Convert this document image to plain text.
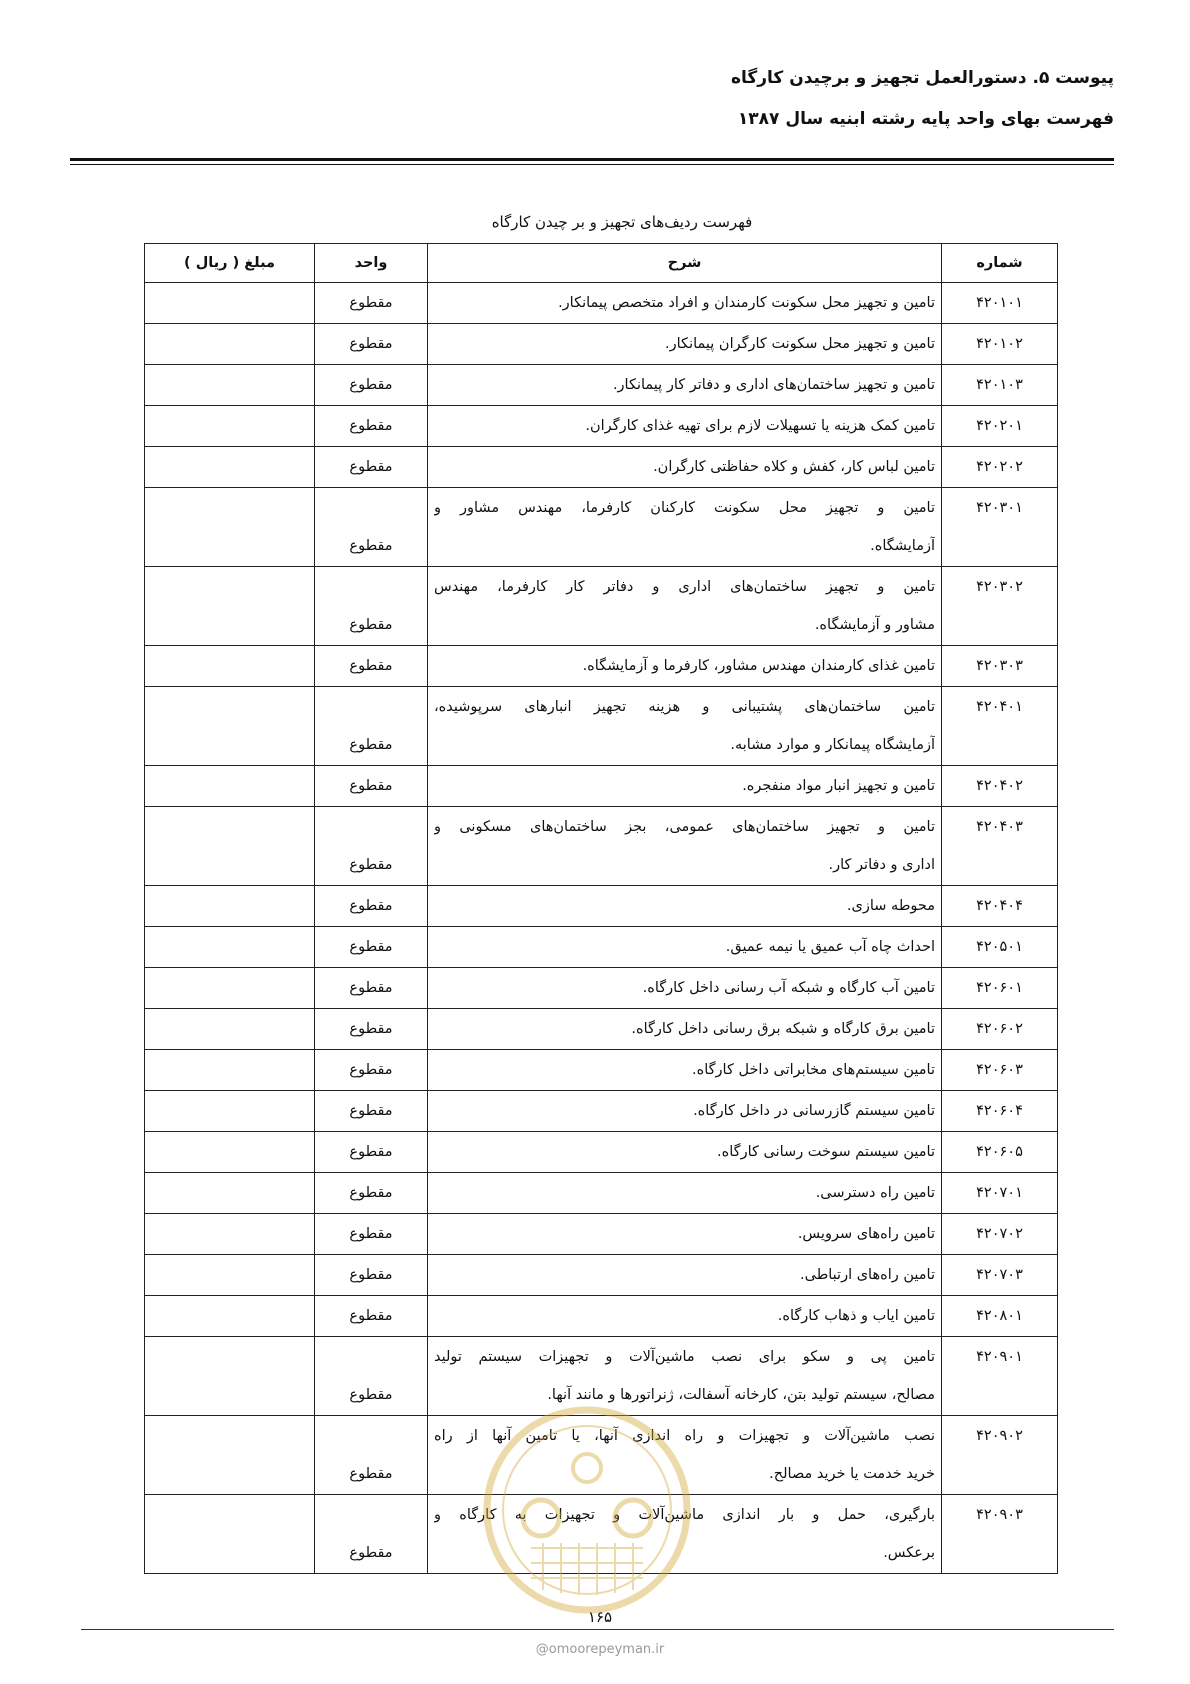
پیوست ۵. دستورالعمل تجهیز و برچیدن کارگاه
فهرست بهای واحد پایه رشته ابنیه سال ۱۳۸۷
فهرست ردیف‌های تجهیز و بر چیدن کارگاه
شماره	شرح	واحد	مبلغ ( ریال )

۴۲۰۱۰۱	تامین و تجهیز محل سکونت کارمندان و افراد متخصص پیمانکار.	مقطوع	

۴۲۰۱۰۲	تامین و تجهیز محل سکونت کارگران پیمانکار.	مقطوع	

۴۲۰۱۰۳	تامین و تجهیز ساختمان‌های اداری و دفاتر کار پیمانکار.	مقطوع	

۴۲۰۲۰۱	تامین کمک هزینه یا تسهیلات لازم برای تهیه غذای کارگران.	مقطوع	

۴۲۰۲۰۲	تامین لباس کار، کفش و کلاه حفاظتی کارگران.	مقطوع	

۴۲۰۳۰۱	تامین و تجهیز محل سکونت کارکنان کارفرما، مهندس مشاور و
آزمایشگاه.	مقطوع	

۴۲۰۳۰۲	تامین و تجهیز ساختمان‌های اداری و دفاتر کار کارفرما، مهندس
مشاور و آزمایشگاه.	مقطوع	

۴۲۰۳۰۳	تامین غذای کارمندان مهندس مشاور، کارفرما و آزمایشگاه.	مقطوع	

۴۲۰۴۰۱	تامین ساختمان‌های پشتیبانی و هزینه تجهیز انبارهای سرپوشیده،
آزمایشگاه پیمانکار و موارد مشابه.	مقطوع	

۴۲۰۴۰۲	تامین و تجهیز انبار مواد منفجره.	مقطوع	

۴۲۰۴۰۳	تامین و تجهیز ساختمان‌های عمومی، بجز ساختمان‌های مسکونی و
اداری و دفاتر کار.	مقطوع	

۴۲۰۴۰۴	محوطه سازی.	مقطوع	

۴۲۰۵۰۱	احداث چاه آب عمیق یا نیمه عمیق.	مقطوع	

۴۲۰۶۰۱	تامین آب کارگاه و شبکه آب رسانی داخل کارگاه.	مقطوع	

۴۲۰۶۰۲	تامین برق کارگاه و شبکه برق رسانی داخل کارگاه.	مقطوع	

۴۲۰۶۰۳	تامین سیستم‌های مخابراتی داخل کارگاه.	مقطوع	

۴۲۰۶۰۴	تامین سیستم گازرسانی در داخل کارگاه.	مقطوع	

۴۲۰۶۰۵	تامین سیستم سوخت رسانی کارگاه.	مقطوع	

۴۲۰۷۰۱	تامین راه دسترسی.	مقطوع	

۴۲۰۷۰۲	تامین راه‌های سرویس.	مقطوع	

۴۲۰۷۰۳	تامین راه‌های ارتباطی.	مقطوع	

۴۲۰۸۰۱	تامین ایاب و ذهاب کارگاه.	مقطوع	

۴۲۰۹۰۱	تامین پی و سکو برای نصب ماشین‌آلات و تجهیزات سیستم تولید
مصالح، سیستم تولید بتن، کارخانه آسفالت، ژنراتورها و مانند آنها.	مقطوع	

۴۲۰۹۰۲	نصب ماشین‌آلات و تجهیزات و راه اندازی آنها، یا تامین آنها از راه
خرید خدمت یا خرید مصالح.	مقطوع	

۴۲۰۹۰۳	بارگیری، حمل و بار اندازی ماشین‌آلات و تجهیزات به کارگاه و
برعکس.	مقطوع	

۱۶۵
@omoorepeyman.ir
